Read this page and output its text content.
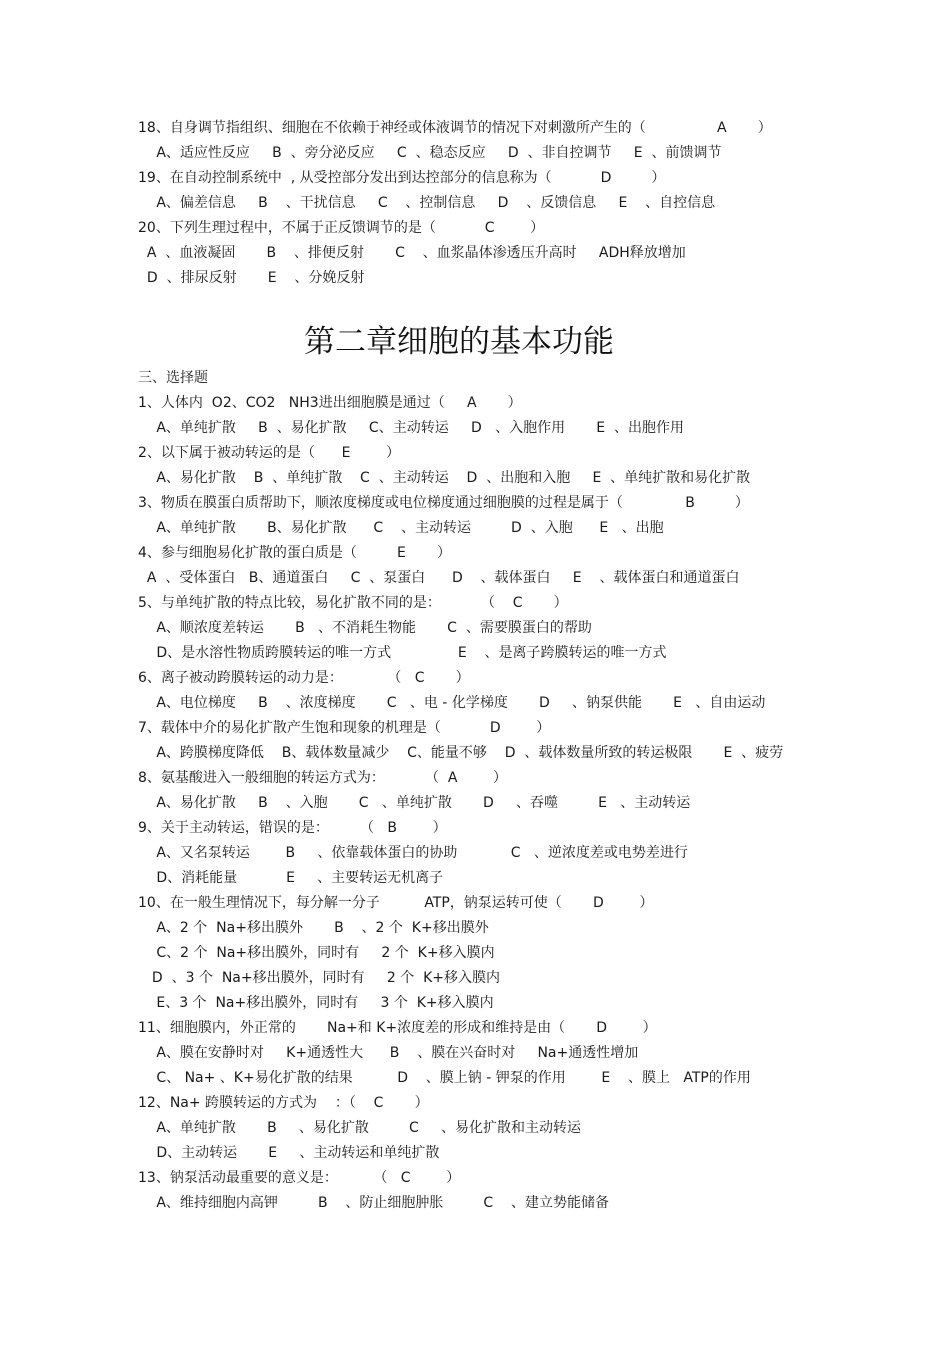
18、自身调节指组织、细胞在不依赖于神经或体液调节的情况下对刺激所产生的（                A       ）
A、适应性反应     B  、旁分泌反应     C  、稳态反应     D  、非自控调节     E  、前馈调节
19、在自动控制系统中  , 从受控部分发出到达控部分的信息称为（           D         ）
A、偏差信息     B    、干扰信息     C    、控制信息     D    、反馈信息     E    、自控信息
20、下列生理过程中，不属于正反馈调节的是（           C        ）
A  、血液凝固       B    、排便反射       C    、血浆晶体渗透压升高时     ADH释放增加
D  、排尿反射       E    、分娩反射
第二章细胞的基本功能
三、选择题
1、人体内  O2、CO2   NH3进出细胞膜是通过（     A       ）
A、单纯扩散     B  、易化扩散     C、主动转运     D   、入胞作用       E  、出胞作用
2、以下属于被动转运的是（      E        ）
A、易化扩散    B  、单纯扩散    C  、主动转运    D  、出胞和入胞     E  、单纯扩散和易化扩散
3、物质在膜蛋白质帮助下，顺浓度梯度或电位梯度通过细胞膜的过程是属于（              B         ）
A、单纯扩散       B、易化扩散      C    、主动转运         D  、入胞      E   、出胞
4、参与细胞易化扩散的蛋白质是（         E       ）
A  、受体蛋白   B、通道蛋白     C  、泵蛋白      D    、载体蛋白     E    、载体蛋白和通道蛋白
5、与单纯扩散的特点比较，易化扩散不同的是：         （    C       ）
A、顺浓度差转运       B   、不消耗生物能       C  、需要膜蛋白的帮助
D、是水溶性物质跨膜转运的唯一方式               E    、是离子跨膜转运的唯一方式
6、离子被动跨膜转运的动力是：          （   C       ）
A、电位梯度     B    、浓度梯度       C   、电 - 化学梯度       D     、钠泵供能       E   、自由运动
7、载体中介的易化扩散产生饱和现象的机理是（           D        ）
A、跨膜梯度降低    B、载体数量减少    C、能量不够    D  、载体数量所致的转运极限       E  、疲劳
8、氨基酸进入一般细胞的转运方式为：         （  A        ）
A、易化扩散     B    、入胞       C   、单纯扩散       D     、吞噬         E   、主动转运
9、关于主动转运，错误的是：       （   B        ）
A、又名泵转运        B     、依靠载体蛋白的协助            C   、逆浓度差或电势差进行
D、消耗能量           E     、主要转运无机离子
10、在一般生理情况下，每分解一分子          ATP，钠泵运转可使（       D        ）
A、2 个  Na+移出膜外       B    、2 个  K+移出膜外
C、2 个  Na+移出膜外，同时有     2 个  K+移入膜内
D  、3 个  Na+移出膜外，同时有     2 个  K+移入膜内
E、3 个  Na+移出膜外，同时有     3 个  K+移入膜内
11、细胞膜内，外正常的       Na+和 K+浓度差的形成和维持是由（       D        ）
A、膜在安静时对     K+通透性大      B    、膜在兴奋时对     Na+通透性增加
C、 Na+ 、K+易化扩散的结果          D    、膜上钠 - 钾泵的作用        E    、膜上   ATP的作用
12、Na+ 跨膜转运的方式为    ：（    C       ）
A、单纯扩散       B     、易化扩散         C     、易化扩散和主动转运
D、主动转运       E     、主动转运和单纯扩散
13、钠泵活动最重要的意义是：        （   C        ）
A、维持细胞内高钾         B    、防止细胞肿胀         C    、建立势能储备
